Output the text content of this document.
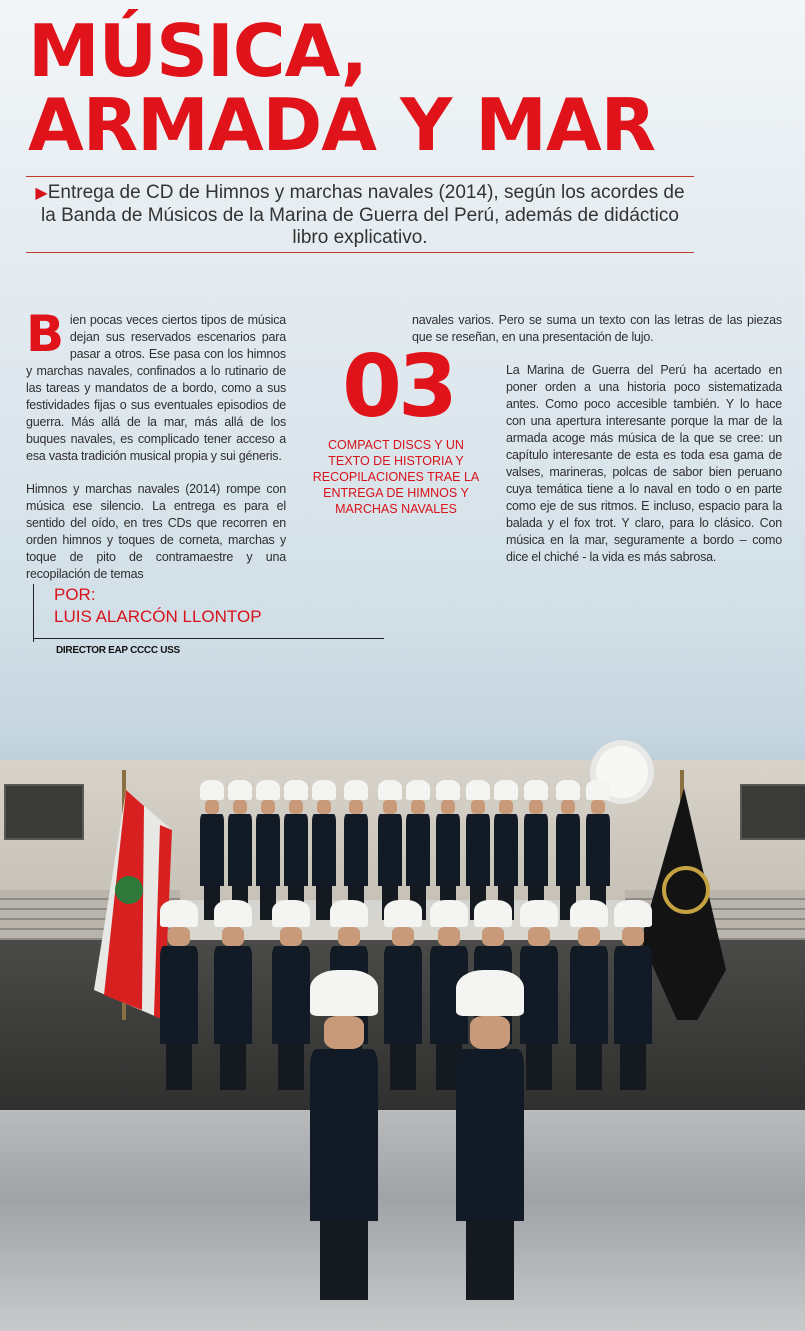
MÚSICA,
ARMADA Y MAR
▶Entrega de CD de Himnos y marchas navales (2014), según los acordes de la Banda de Músicos de la Marina de Guerra del Perú, además de didáctico libro explicativo.

Bien pocas veces ciertos tipos de música dejan sus reservados escenarios para pasar a otros. Ese pasa con los himnos y marchas navales, confinados a lo rutinario de las tareas y mandatos de a bordo, como a sus festividades fijas o sus eventuales episodios de guerra. Más allá de la mar, más allá de los buques navales, es complicado tener acceso a esa vasta tradición musical propia y sui géneris.

Himnos y marchas navales (2014) rompe con música ese silencio. La entrega es para el sentido del oído, en tres CDs que recorren en orden himnos y toques de corneta, marchas y toque de pito de contramaestre y una recopilación de temas

03
COMPACT DISCS Y UN TEXTO DE HISTORIA Y RECOPILACIONES TRAE LA ENTREGA DE HIMNOS Y MARCHAS NAVALES

navales varios. Pero se suma un texto con las letras de las piezas que se reseñan, en una presentación de lujo.

La Marina de Guerra del Perú ha acertado en poner orden a una historia poco sistematizada antes. Como poco accesible también. Y lo hace con una apertura interesante porque la mar de la armada acoge más música de la que se cree: un capítulo interesante de esta es toda esa gama de valses, marineras, polcas de sabor bien peruano cuya temática tiene a lo naval en todo o en parte como eje de sus ritmos. E incluso, espacio para la balada y el fox trot. Y claro, para lo clásico. Con música en la mar, seguramente a bordo – como dice el chiché - la vida es más sabrosa.

POR:
LUIS ALARCÓN LLONTOP
DIRECTOR EAP CCCC USS
